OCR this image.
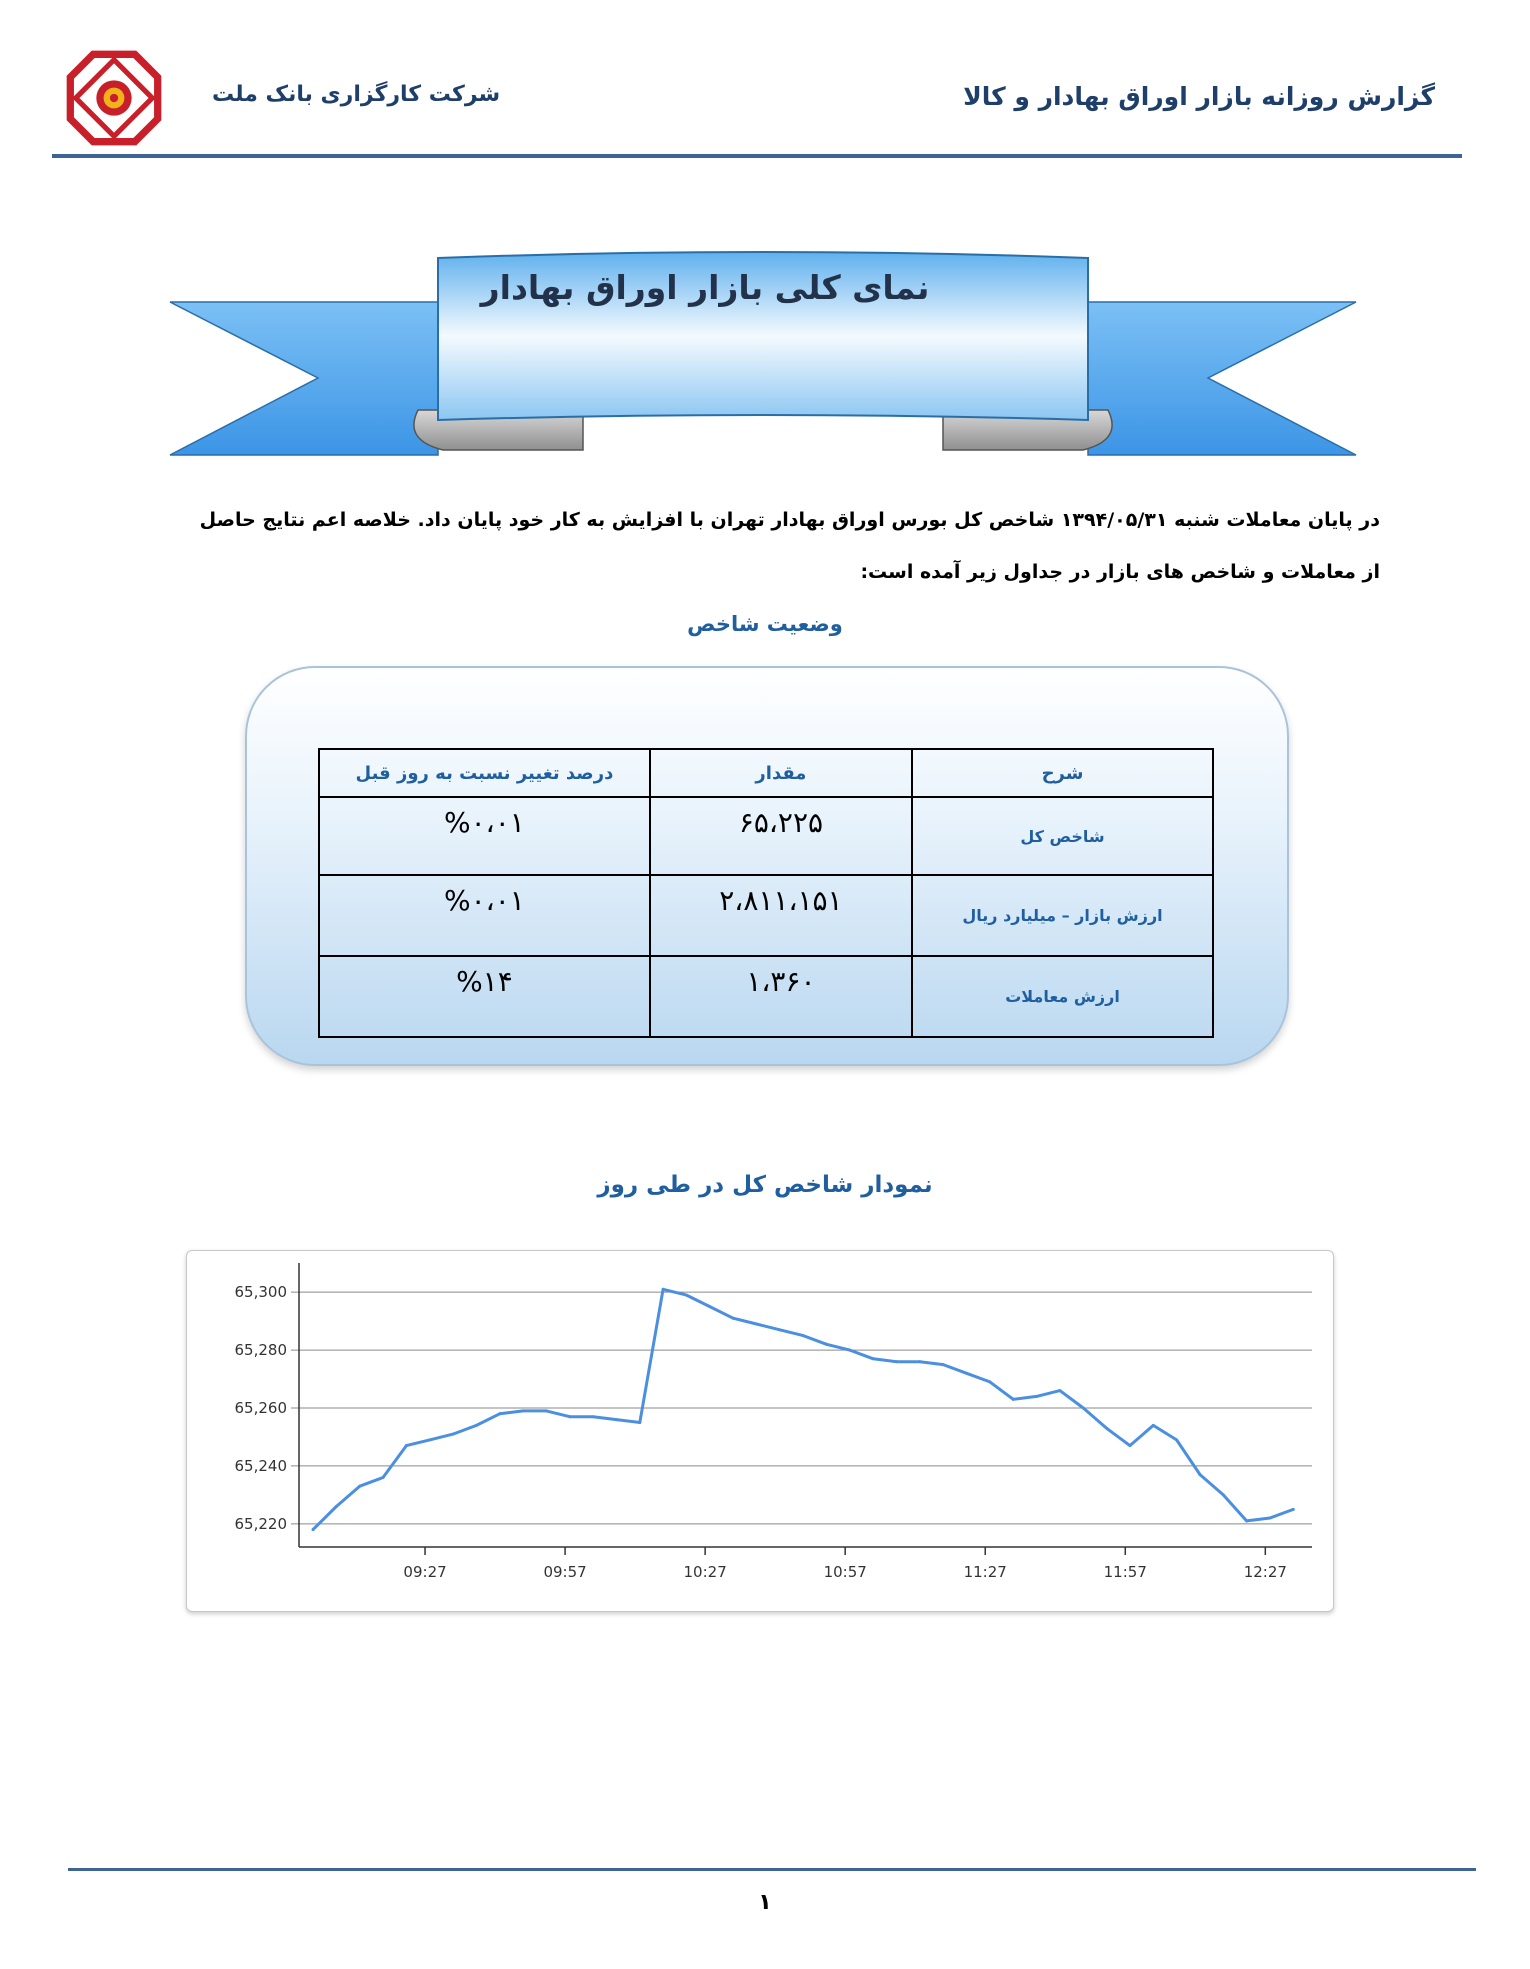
شرکت کارگزاری بانک ملت	گزارش روزانه بازار اوراق بهادار و کالا
نمای کلی بازار اوراق بهادار

در پایان معاملات شنبه ۱۳۹۴/۰۵/۳۱ شاخص کل بورس اوراق بهادار تهران با افزایش به کار خود پایان داد. خلاصه اعم نتایج حاصل

از معاملات و شاخص های بازار در جداول زیر آمده است:

وضعیت شاخص
شرح	مقدار	درصد تغییر نسبت به روز قبل
شاخص کل	۶۵،۲۲۵	%۰،۰۱
ارزش بازار – میلیارد ریال	۲،۸۱۱،۱۵۱	%۰،۰۱
ارزش معاملات	۱،۳۶۰	%۱۴
نمودار شاخص کل در طی روز
65,220
65,240
65,260
65,280
65,300
09:27	09:57	10:27	10:57	11:27	11:57	12:27
۱
